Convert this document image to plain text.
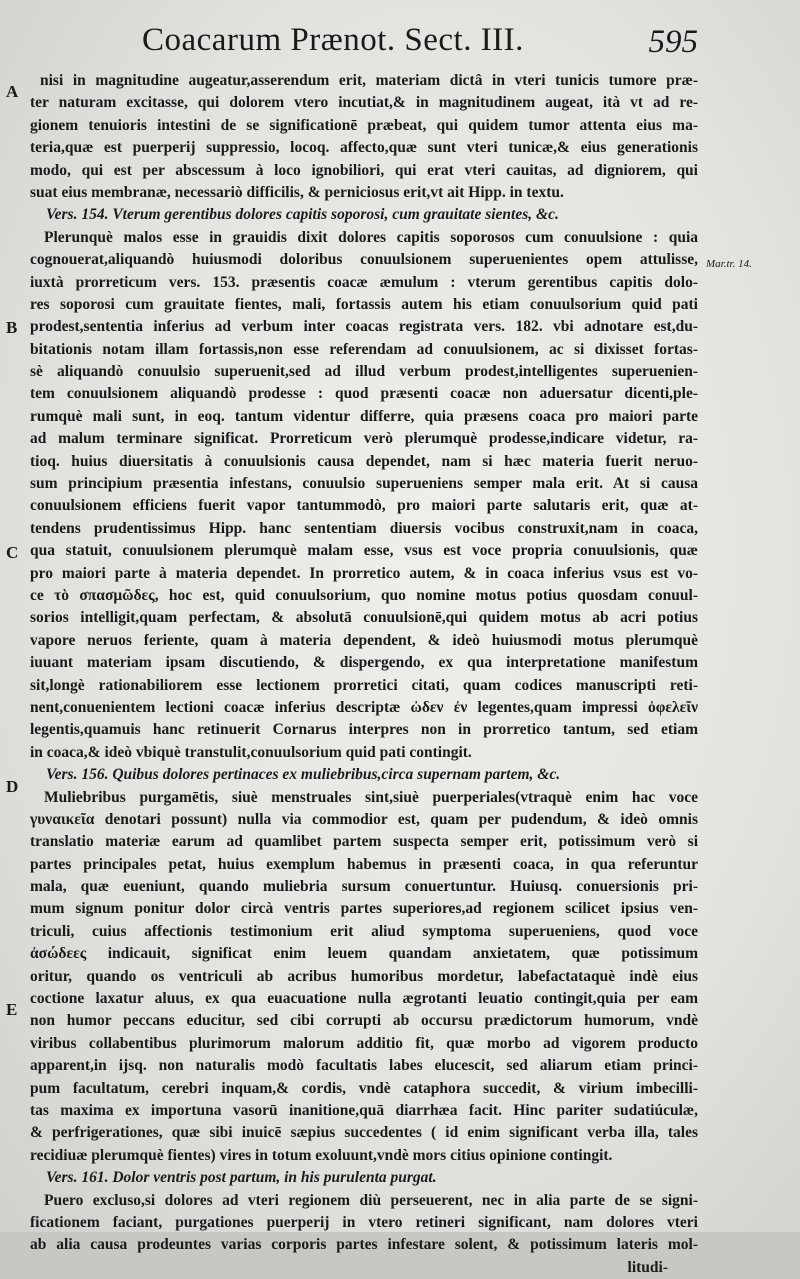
Coacarum Prænot. Sect. III.	595
A
B
C
D
E
Mar.tr. 14.
nisi in magnitudine augeatur,asserendum erit, materiam dictâ in vteri tunicis tumore præ-
ter naturam excitasse, qui dolorem vtero incutiat,& in magnitudinem augeat, ità vt ad re-
gionem tenuioris intestini de se significationē præbeat, qui quidem tumor attenta eius ma-
teria,quæ est puerperij suppressio, locoq. affecto,quæ sunt vteri tunicæ,& eius generationis
modo, qui est per abscessum à loco ignobiliori, qui erat vteri cauitas, ad digniorem, qui
suat eius membranæ, necessariò difficilis, & perniciosus erit,vt ait Hipp. in textu.
Vers. 154. Vterum gerentibus dolores capitis soporosi, cum grauitate sientes, &c.
Plerunquè malos esse in grauidis dixit dolores capitis soporosos cum conuulsione : quia
cognouerat,aliquandò huiusmodi doloribus conuulsionem superuenientes opem attulisse,
iuxtà prorreticum vers. 153. præsentis coacæ æmulum : vterum gerentibus capitis dolo-
res soporosi cum grauitate fientes, mali, fortassis autem his etiam conuulsorium quid pati
prodest,sententia inferius ad verbum inter coacas registrata vers. 182. vbi adnotare est,du-
bitationis notam illam fortassis,non esse referendam ad conuulsionem, ac si dixisset fortas-
sè aliquandò conuulsio superuenit,sed ad illud verbum prodest,intelligentes superuenien-
tem conuulsionem aliquandò prodesse : quod præsenti coacæ non aduersatur dicenti,ple-
rumquè mali sunt, in eoq. tantum videntur differre, quia præsens coaca pro maiori parte
ad malum terminare significat. Prorreticum verò plerumquè prodesse,indicare videtur, ra-
tioq. huius diuersitatis à conuulsionis causa dependet, nam si hæc materia fuerit neruo-
sum principium præsentia infestans, conuulsio superueniens semper mala erit. At si causa
conuulsionem efficiens fuerit vapor tantummodò, pro maiori parte salutaris erit, quæ at-
tendens prudentissimus Hipp. hanc sententiam diuersis vocibus construxit,nam in coaca,
qua statuit, conuulsionem plerumquè malam esse, vsus est voce propria conuulsionis, quæ
pro maiori parte à materia dependet. In prorretico autem, & in coaca inferius vsus est vo-
ce τὸ σπασμῶδες, hoc est, quid conuulsorium, quo nomine motus potius quosdam conuul-
sorios intelligit,quam perfectam, & absolutā conuulsionē,qui quidem motus ab acri potius
vapore neruos feriente, quam à materia dependent, & ideò huiusmodi motus plerumquè
iuuant materiam ipsam discutiendo, & dispergendo, ex qua interpretatione manifestum
sit,longè rationabiliorem esse lectionem prorretici citati, quam codices manuscripti reti-
nent,conuenientem lectioni coacæ inferius descriptæ ὠδεν ἐν legentes,quam impressi ὀφελεῖν
legentis,quamuis hanc retinuerit Cornarus interpres non in prorretico tantum, sed etiam
in coaca,& ideò vbiquè transtulit,conuulsorium quid pati contingit.
Vers. 156. Quibus dolores pertinaces ex muliebribus,circa supernam partem, &c.
Muliebribus purgamētis, siuè menstruales sint,siuè puerperiales(vtraquè enim hac voce
γυναικεῖα denotari possunt) nulla via commodior est, quam per pudendum, & ideò omnis
translatio materiæ earum ad quamlibet partem suspecta semper erit, potissimum verò si
partes principales petat, huius exemplum habemus in præsenti coaca, in qua referuntur
mala, quæ eueniunt, quando muliebria sursum conuertuntur. Huiusq. conuersionis pri-
mum signum ponitur dolor circà ventris partes superiores,ad regionem scilicet ipsius ven-
triculi, cuius affectionis testimonium erit aliud symptoma superueniens, quod voce
ἀσώδεες indicauit, significat enim leuem quandam anxietatem, quæ potissimum
oritur, quando os ventriculi ab acribus humoribus mordetur, labefactataquè indè eius
coctione laxatur aluus, ex qua euacuatione nulla ægrotanti leuatio contingit,quia per eam
non humor peccans educitur, sed cibi corrupti ab occursu prædictorum humorum, vndè
viribus collabentibus plurimorum malorum additio fit, quæ morbo ad vigorem producto
apparent,in ijsq. non naturalis modò facultatis labes elucescit, sed aliarum etiam princi-
pum facultatum, cerebri inquam,& cordis, vndè cataphora succedit, & virium imbecilli-
tas maxima ex importuna vasorū inanitione,quā diarrhæa facit. Hinc pariter sudatiúculæ,
& perfrigerationes, quæ sibi inuicē sæpius succedentes ( id enim significant verba illa, tales
recidiuæ plerumquè fientes) vires in totum exoluunt,vndè mors citius opinione contingit.
Vers. 161. Dolor ventris post partum, in his purulenta purgat.
Puero excluso,si dolores ad vteri regionem diù perseuerent, nec in alia parte de se signi-
ficationem faciant, purgationes puerperij in vtero retineri significant, nam dolores vteri
ab alia causa prodeuntes varias corporis partes infestare solent, & potissimum lateris mol-
litudi-
